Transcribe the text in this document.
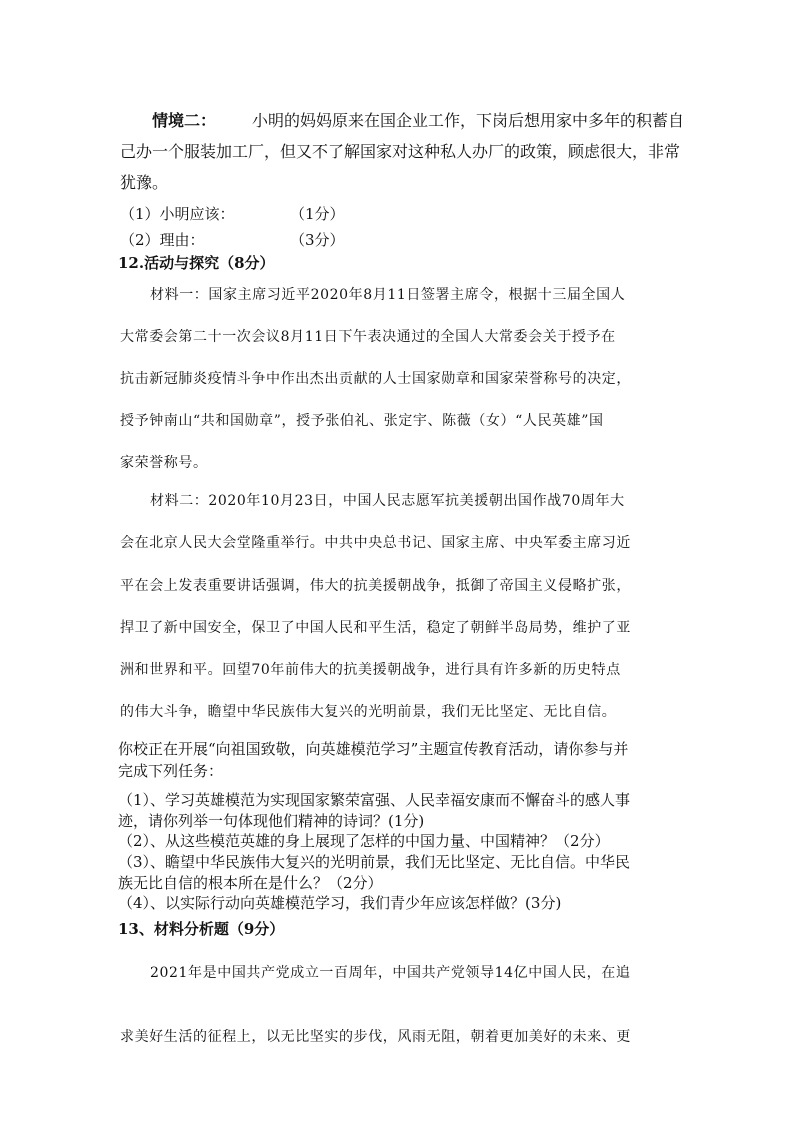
情境二： 小明的妈妈原来在国企业工作，下岗后想用家中多年的积蓄自
己办一个服装加工厂，但又不了解国家对这种私人办厂的政策，顾虑很大，非常
犹豫。
（1）小明应该：	（1分）
（2）理由：	（3分）
12.活动与探究（8分）
材料一：国家主席习近平2020年8月11日签署主席令，根据十三届全国人
大常委会第二十一次会议8月11日下午表决通过的全国人大常委会关于授予在
抗击新冠肺炎疫情斗争中作出杰出贡献的人士国家勋章和国家荣誉称号的决定，
授予钟南山“共和国勋章”，授予张伯礼、张定宇、陈薇（女）“人民英雄”国
家荣誉称号。
材料二：2020年10月23日，中国人民志愿军抗美援朝出国作战70周年大
会在北京人民大会堂隆重举行。中共中央总书记、国家主席、中央军委主席习近
平在会上发表重要讲话强调，伟大的抗美援朝战争，抵御了帝国主义侵略扩张，
捍卫了新中国安全，保卫了中国人民和平生活，稳定了朝鲜半岛局势，维护了亚
洲和世界和平。回望70年前伟大的抗美援朝战争，进行具有许多新的历史特点
的伟大斗争，瞻望中华民族伟大复兴的光明前景，我们无比坚定、无比自信。
你校正在开展“向祖国致敬，向英雄模范学习”主题宣传教育活动，请你参与并
完成下列任务：
（1）、学习英雄模范为实现国家繁荣富强、人民幸福安康而不懈奋斗的感人事
迹，请你列举一句体现他们精神的诗词？(1分)
（2）、从这些模范英雄的身上展现了怎样的中国力量、中国精神？（2分）
（3）、瞻望中华民族伟大复兴的光明前景，我们无比坚定、无比自信。中华民
族无比自信的根本所在是什么？（2分）
（4）、以实际行动向英雄模范学习，我们青少年应该怎样做？(3分)
13、材料分析题（9分）
2021年是中国共产党成立一百周年，中国共产党领导14亿中国人民，在追
求美好生活的征程上，以无比坚实的步伐，风雨无阻，朝着更加美好的未来、更
